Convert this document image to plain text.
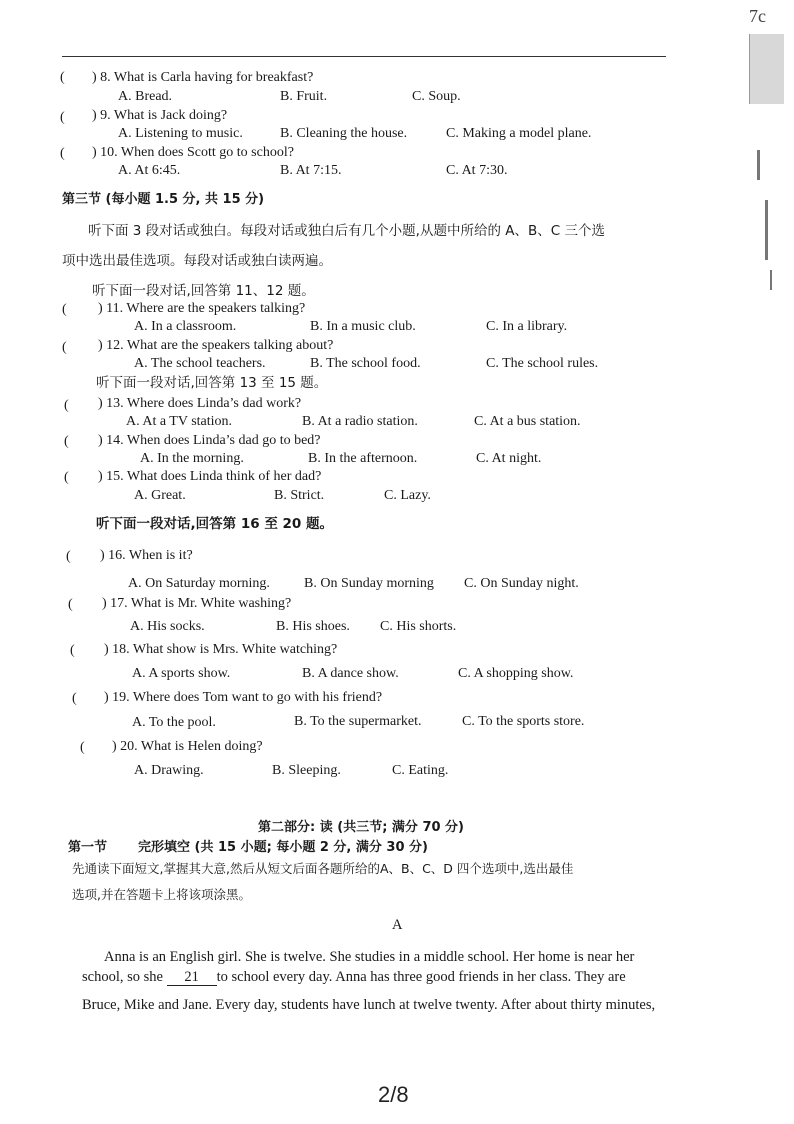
7c
( ) 8. What is Carla having for breakfast?
A. Bread.	B. Fruit.	C. Soup.
( ) 9. What is Jack doing?
A. Listening to music.	B. Cleaning the house.	C. Making a model plane.
( ) 10. When does Scott go to school?
A. At 6:45.	B. At 7:15.	C. At 7:30.
第三节 (每小题 1.5 分, 共 15 分)
听下面 3 段对话或独白。每段对话或独白后有几个小题,从题中所给的 A、B、C 三个选
项中选出最佳选项。每段对话或独白读两遍。
听下面一段对话,回答第 11、12 题。
( ) 11. Where are the speakers talking?
A. In a classroom.	B. In a music club.	C. In a library.
( ) 12. What are the speakers talking about?
A. The school teachers.	B. The school food.	C. The school rules.
听下面一段对话,回答第 13 至 15 题。
( ) 13. Where does Linda’s dad work?
A. At a TV station.	B. At a radio station.	C. At a bus station.
( ) 14. When does Linda’s dad go to bed?
A. In the morning.	B. In the afternoon.	C. At night.
( ) 15. What does Linda think of her dad?
A. Great.	B. Strict.	C. Lazy.
听下面一段对话,回答第 16 至 20 题。
( ) 16. When is it?
A. On Saturday morning. B. On Sunday morning C. On Sunday night.
( ) 17. What is Mr. White washing?
A. His socks.	B. His shoes. C. His shorts.
( ) 18. What show is Mrs. White watching?
A. A sports show.	B. A dance show.	C. A shopping show.
( ) 19. Where does Tom want to go with his friend?
A. To the pool.	B. To the supermarket.	C. To the sports store.
( ) 20. What is Helen doing?
A. Drawing.	B. Sleeping.	C. Eating.
第二部分: 读 (共三节; 满分 70 分)
第一节 完形填空 (共 15 小题; 每小题 2 分, 满分 30 分)
先通读下面短文,掌握其大意,然后从短文后面各题所给的A、B、C、D 四个选项中,选出最佳
选项,并在答题卡上将该项涂黑。
A
Anna is an English girl. She is twelve. She studies in a middle school. Her home is near her
school, so she 21 to school every day. Anna has three good friends in her class. They are
Bruce, Mike and Jane. Every day, students have lunch at twelve twenty. After about thirty minutes,
2/8
